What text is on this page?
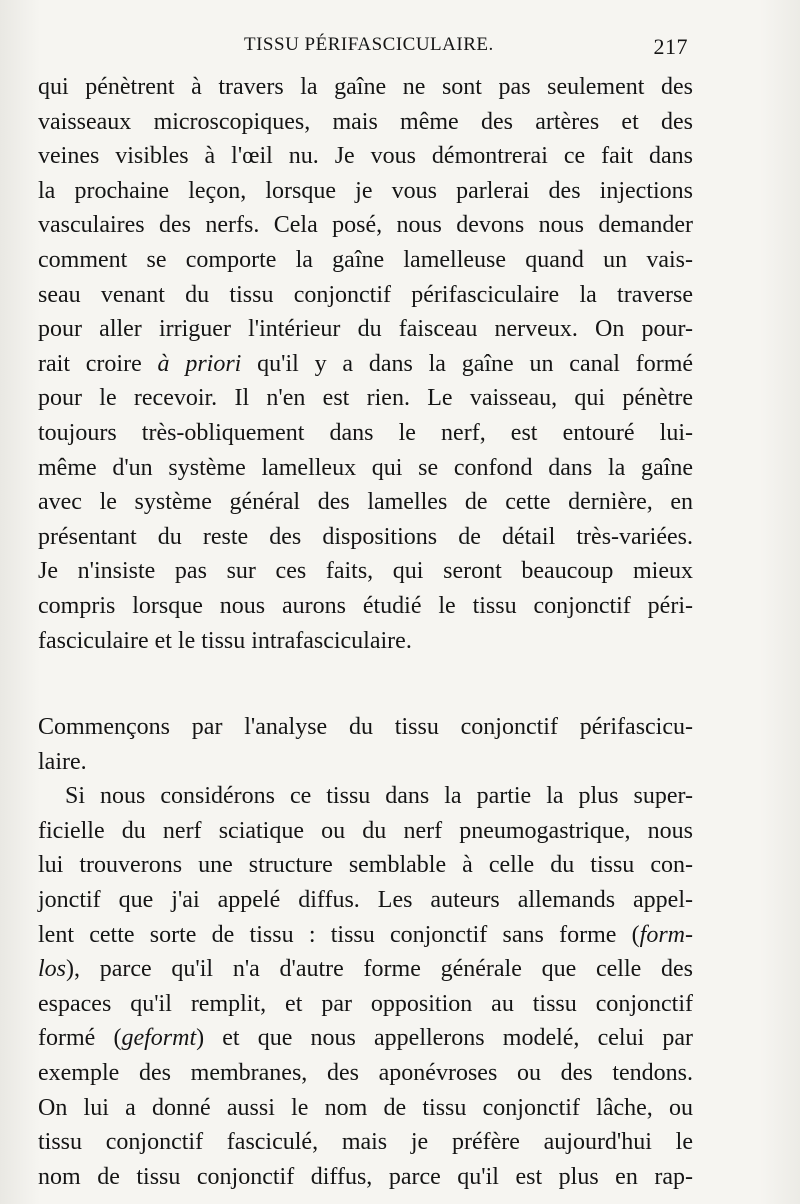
TISSU PÉRIFASCICULAIRE.	217
qui pénètrent à travers la gaîne ne sont pas seulement des
vaisseaux microscopiques, mais même des artères et des
veines visibles à l'œil nu. Je vous démontrerai ce fait dans
la prochaine leçon, lorsque je vous parlerai des injections
vasculaires des nerfs. Cela posé, nous devons nous demander
comment se comporte la gaîne lamelleuse quand un vais-
seau venant du tissu conjonctif périfasciculaire la traverse
pour aller irriguer l'intérieur du faisceau nerveux. On pour-
rait croire à priori qu'il y a dans la gaîne un canal formé
pour le recevoir. Il n'en est rien. Le vaisseau, qui pénètre
toujours très-obliquement dans le nerf, est entouré lui-
même d'un système lamelleux qui se confond dans la gaîne
avec le système général des lamelles de cette dernière, en
présentant du reste des dispositions de détail très-variées.
Je n'insiste pas sur ces faits, qui seront beaucoup mieux
compris lorsque nous aurons étudié le tissu conjonctif péri-
fasciculaire et le tissu intrafasciculaire.
Commençons par l'analyse du tissu conjonctif périfascicu-
laire.
Si nous considérons ce tissu dans la partie la plus super-
ficielle du nerf sciatique ou du nerf pneumogastrique, nous
lui trouverons une structure semblable à celle du tissu con-
jonctif que j'ai appelé diffus. Les auteurs allemands appel-
lent cette sorte de tissu : tissu conjonctif sans forme (form-
los), parce qu'il n'a d'autre forme générale que celle des
espaces qu'il remplit, et par opposition au tissu conjonctif
formé (geformt) et que nous appellerons modelé, celui par
exemple des membranes, des aponévroses ou des tendons.
On lui a donné aussi le nom de tissu conjonctif lâche, ou
tissu conjonctif fasciculé, mais je préfère aujourd'hui le
nom de tissu conjonctif diffus, parce qu'il est plus en rap-
